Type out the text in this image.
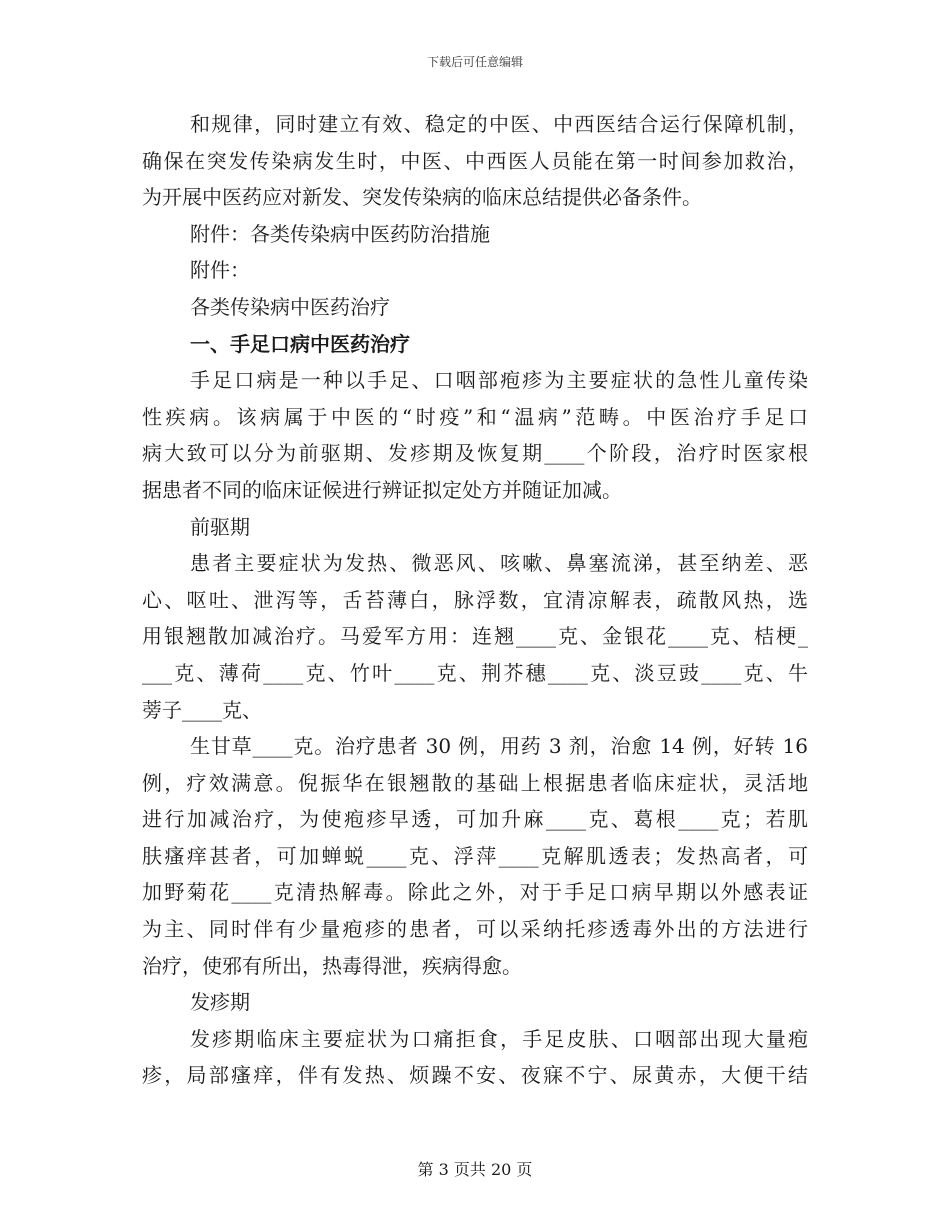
下载后可任意编辑
和规律，同时建立有效、稳定的中医、中西医结合运行保障机制，
确保在突发传染病发生时，中医、中西医人员能在第一时间参加救治，
为开展中医药应对新发、突发传染病的临床总结提供必备条件。
附件：各类传染病中医药防治措施
附件：
各类传染病中医药治疗
一、手足口病中医药治疗
手足口病是一种以手足、口咽部疱疹为主要症状的急性儿童传染
性疾病。该病属于中医的“时疫”和“温病”范畴。中医治疗手足口
病大致可以分为前驱期、发疹期及恢复期____个阶段，治疗时医家根
据患者不同的临床证候进行辨证拟定处方并随证加减。
前驱期
患者主要症状为发热、微恶风、咳嗽、鼻塞流涕，甚至纳差、恶
心、呕吐、泄泻等，舌苔薄白，脉浮数，宜清凉解表，疏散风热，选
用银翘散加减治疗。马爱军方用：连翘____克、金银花____克、桔梗_
___克、薄荷____克、竹叶____克、荆芥穗____克、淡豆豉____克、牛
蒡子____克、
生甘草____克。治疗患者 30 例，用药 3 剂，治愈 14 例，好转 16
例，疗效满意。倪振华在银翘散的基础上根据患者临床症状，灵活地
进行加减治疗，为使疱疹早透，可加升麻____克、葛根____克；若肌
肤瘙痒甚者，可加蝉蜕____克、浮萍____克解肌透表；发热高者，可
加野菊花____克清热解毒。除此之外，对于手足口病早期以外感表证
为主、同时伴有少量疱疹的患者，可以采纳托疹透毒外出的方法进行
治疗，使邪有所出，热毒得泄，疾病得愈。
发疹期
发疹期临床主要症状为口痛拒食，手足皮肤、口咽部出现大量疱
疹，局部瘙痒，伴有发热、烦躁不安、夜寐不宁、尿黄赤，大便干结
第 3 页共 20 页
